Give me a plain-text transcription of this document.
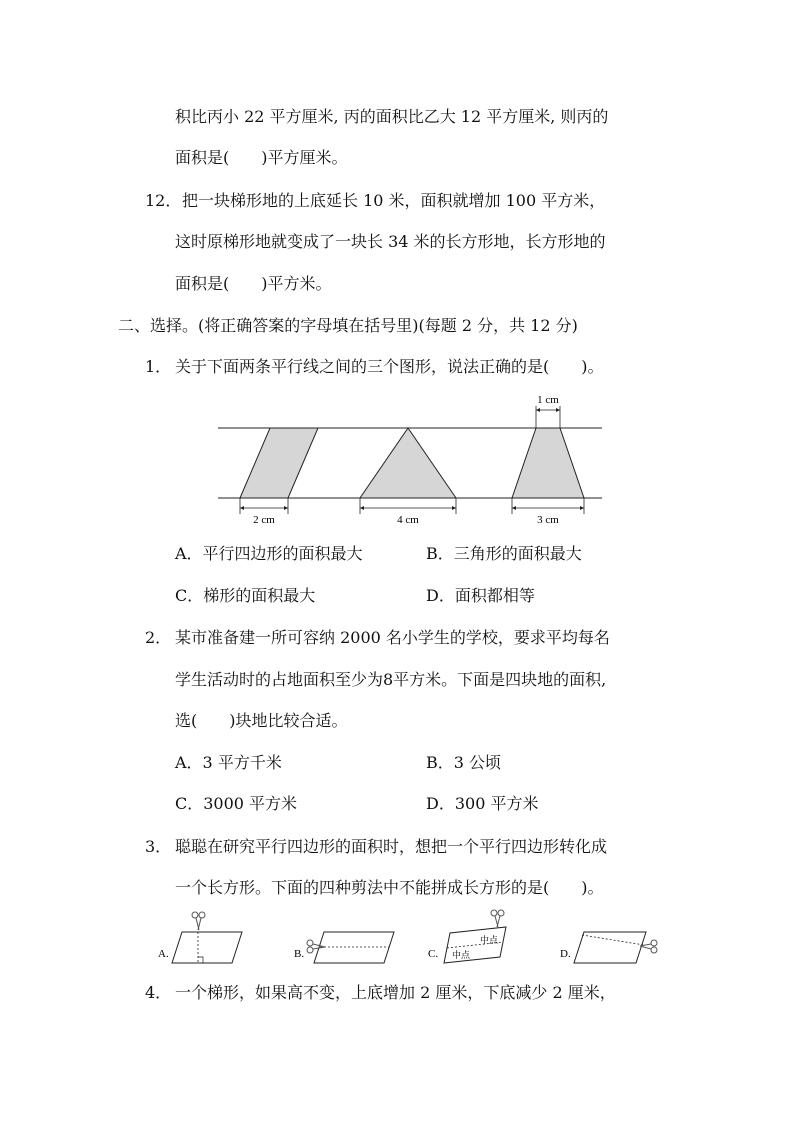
积比丙小 22 平方厘米, 丙的面积比乙大 12 平方厘米, 则丙的
面积是(　　)平方厘米。
12． 把一块梯形地的上底延长 10 米，面积就增加 100 平方米，
这时原梯形地就变成了一块长 34 米的长方形地，长方形地的
面积是(　　)平方米。
二、选择。(将正确答案的字母填在括号里)(每题 2 分，共 12 分)
1． 关于下面两条平行线之间的三个图形，说法正确的是(　　)。
1 cm
2 cm	4 cm	3 cm
A．平行四边形的面积最大	B．三角形的面积最大
C．梯形的面积最大	D．面积都相等
2． 某市准备建一所可容纳 2000 名小学生的学校，要求平均每名
学生活动时的占地面积至少为8平方米。下面是四块地的面积,
选(　　)块地比较合适。
A．3 平方千米	B．3 公顷
C．3000 平方米	D．300 平方米
3． 聪聪在研究平行四边形的面积时，想把一个平行四边形转化成
一个长方形。下面的四种剪法中不能拼成长方形的是(　　)。
A.	B.	C.
中点
中点	D.
4． 一个梯形，如果高不变，上底增加 2 厘米，下底减少 2 厘米，
